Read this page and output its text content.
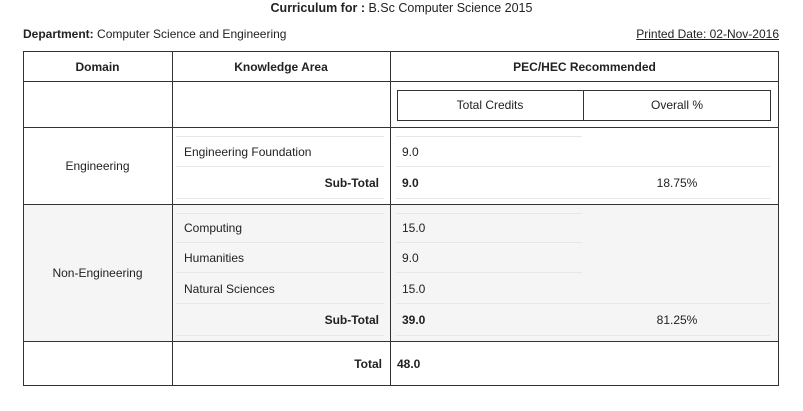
Curriculum for : B.Sc Computer Science 2015
Department: Computer Science and Engineering	Printed Date: 02-Nov-2016
Domain	Knowledge Area	PEC/HEC Recommended
Total Credits	Overall %
Engineering
Engineering Foundation	9.0
Sub-Total 9.0	18.75%
Non-Engineering
Computing	15.0
Humanities	9.0
Natural Sciences	15.0
Sub-Total 39.0	81.25%
Total 48.0
